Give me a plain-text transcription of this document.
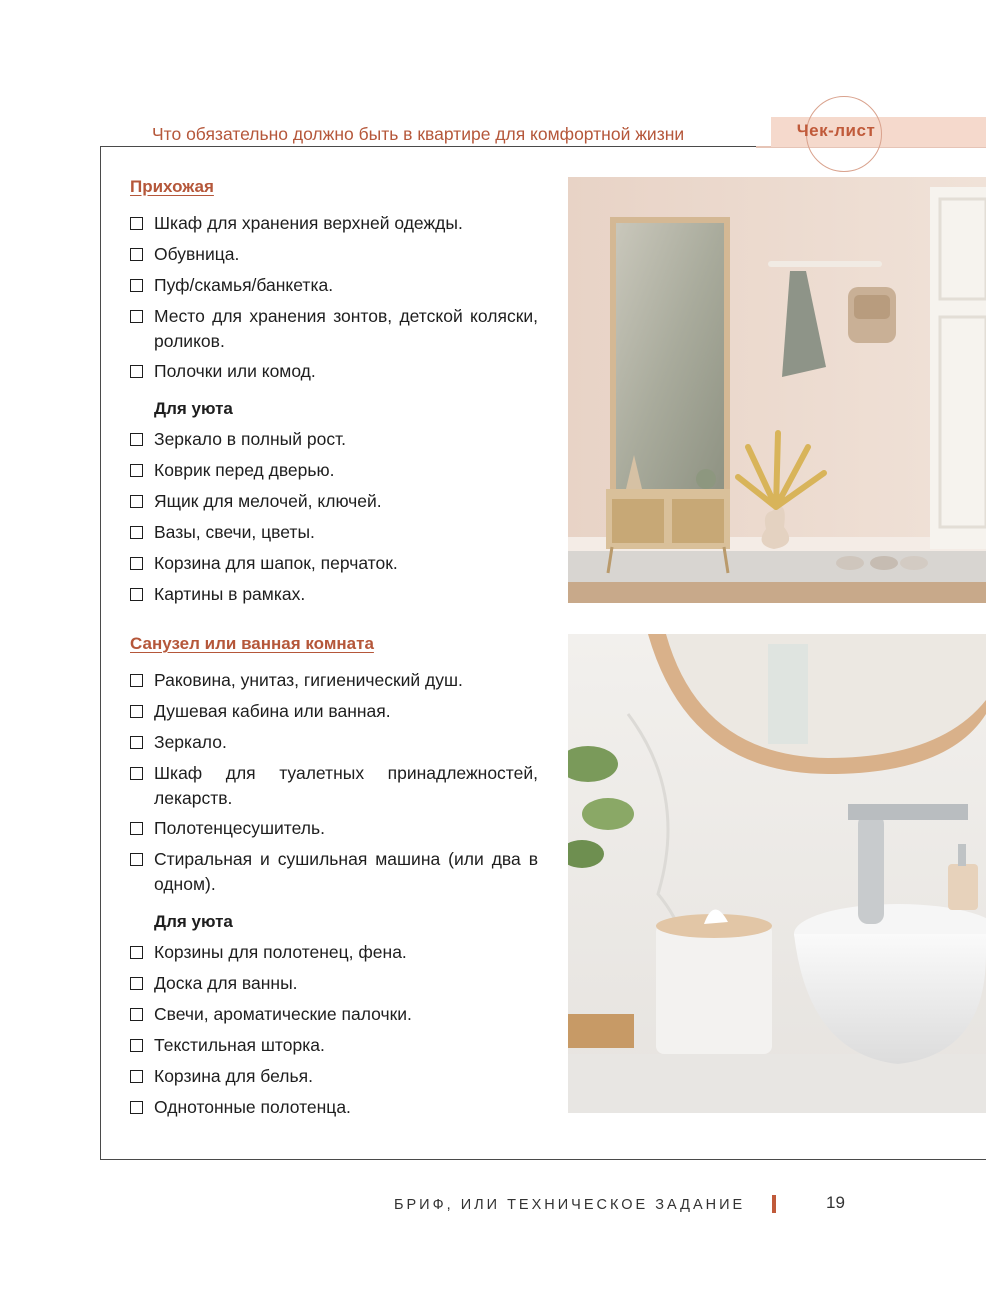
Что обязательно должно быть в квартире для комфортной жизни	Чек-лист
Прихожая
Шкаф для хранения верхней одежды.
Обувница.
Пуф/скамья/банкетка.
Место для хранения зонтов, детской коляски, роликов.
Полочки или комод.
Для уюта
Зеркало в полный рост.
Коврик перед дверью.
Ящик для мелочей, ключей.
Вазы, свечи, цветы.
Корзина для шапок, перчаток.
Картины в рамках.
Санузел или ванная комната
Раковина, унитаз, гигиенический душ.
Душевая кабина или ванная.
Зеркало.
Шкаф для туалетных принадлежностей, лекарств.
Полотенцесушитель.
Стиральная и сушильная машина (или два в одном).
Для уюта
Корзины для полотенец, фена.
Доска для ванны.
Свечи, ароматические палочки.
Текстильная шторка.
Корзина для белья.
Однотонные полотенца.
БРИФ, ИЛИ ТЕХНИЧЕСКОЕ ЗАДАНИЕ	19
